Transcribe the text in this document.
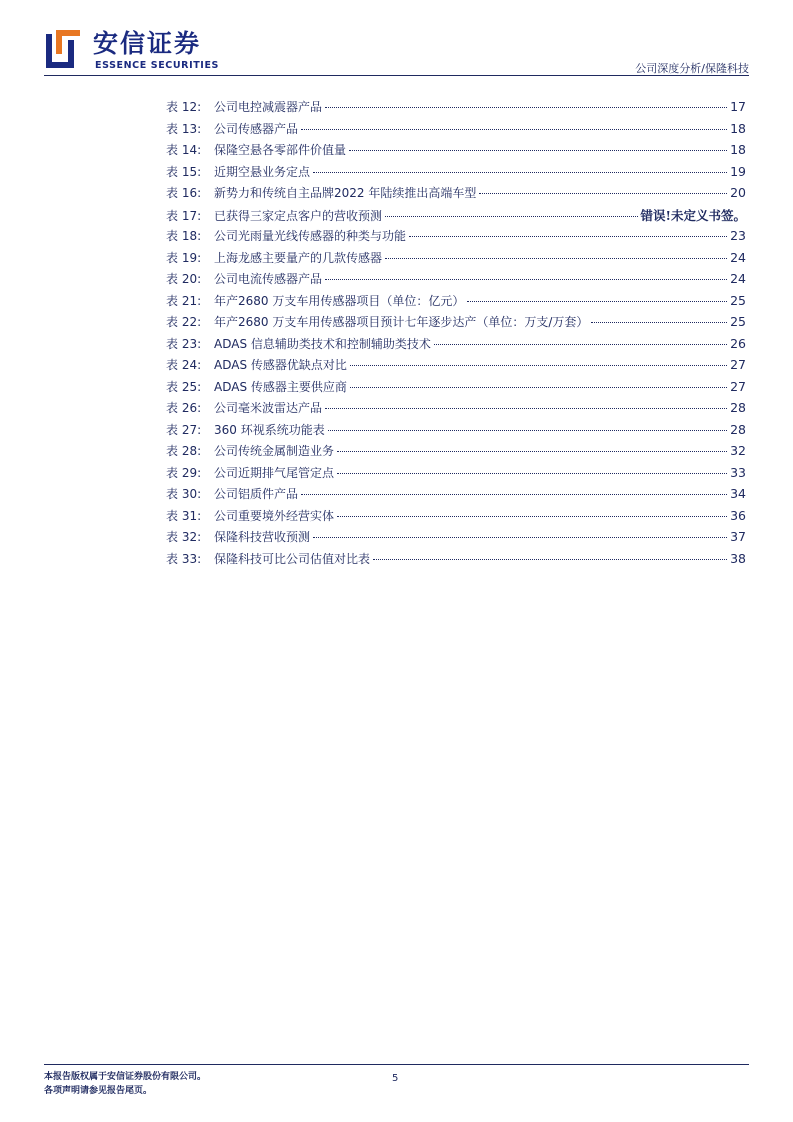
安信证券
ESSENCE SECURITIES	公司深度分析/保隆科技
表 12: 公司电控减震器产品	17
表 13: 公司传感器产品	18
表 14: 保隆空悬各零部件价值量	18
表 15: 近期空悬业务定点	19
表 16: 新势力和传统自主品牌2022 年陆续推出高端车型	20
表 17: 已获得三家定点客户的营收预测	错误!未定义书签。
表 18: 公司光雨量光线传感器的种类与功能	23
表 19: 上海龙感主要量产的几款传感器	24
表 20: 公司电流传感器产品	24
表 21: 年产2680 万支车用传感器项目（单位：亿元）	25
表 22: 年产2680 万支车用传感器项目预计七年逐步达产（单位：万支/万套）	25
表 23: ADAS 信息辅助类技术和控制辅助类技术	26
表 24: ADAS 传感器优缺点对比	27
表 25: ADAS 传感器主要供应商	27
表 26: 公司毫米波雷达产品	28
表 27: 360 环视系统功能表	28
表 28: 公司传统金属制造业务	32
表 29: 公司近期排气尾管定点	33
表 30: 公司铝质件产品	34
表 31: 公司重要境外经营实体	36
表 32: 保隆科技营收预测	37
表 33: 保隆科技可比公司估值对比表	38
本报告版权属于安信证券股份有限公司。
各项声明请参见报告尾页。
5
